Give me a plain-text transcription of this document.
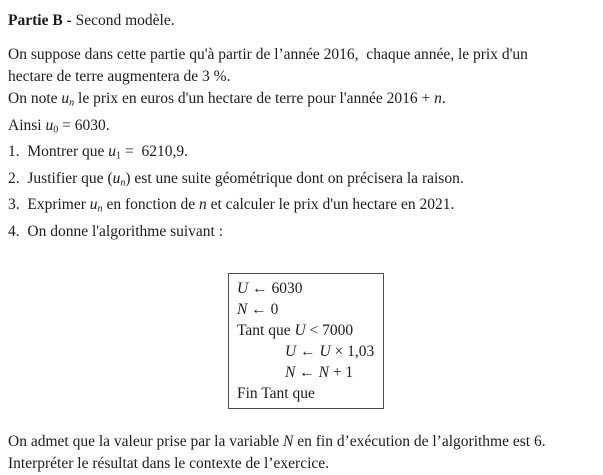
Partie B - Second modèle.
On suppose dans cette partie qu'à partir de l’année 2016,  chaque année, le prix d'un
hectare de terre augmentera de 3 %.
On note un le prix en euros d'un hectare de terre pour l'année 2016 + n.
Ainsi u0 = 6030.
1.  Montrer que u1 =  6210,9.
2.  Justifier que (un) est une suite géométrique dont on précisera la raison.
3.  Exprimer un en fonction de n et calculer le prix d'un hectare en 2021.
4.  On donne l'algorithme suivant :
U ← 6030
N ← 0
Tant que U < 7000
U ← U × 1,03
N ← N + 1
Fin Tant que
On admet que la valeur prise par la variable N en fin d’exécution de l’algorithme est 6.
Interpréter le résultat dans le contexte de l’exercice.
